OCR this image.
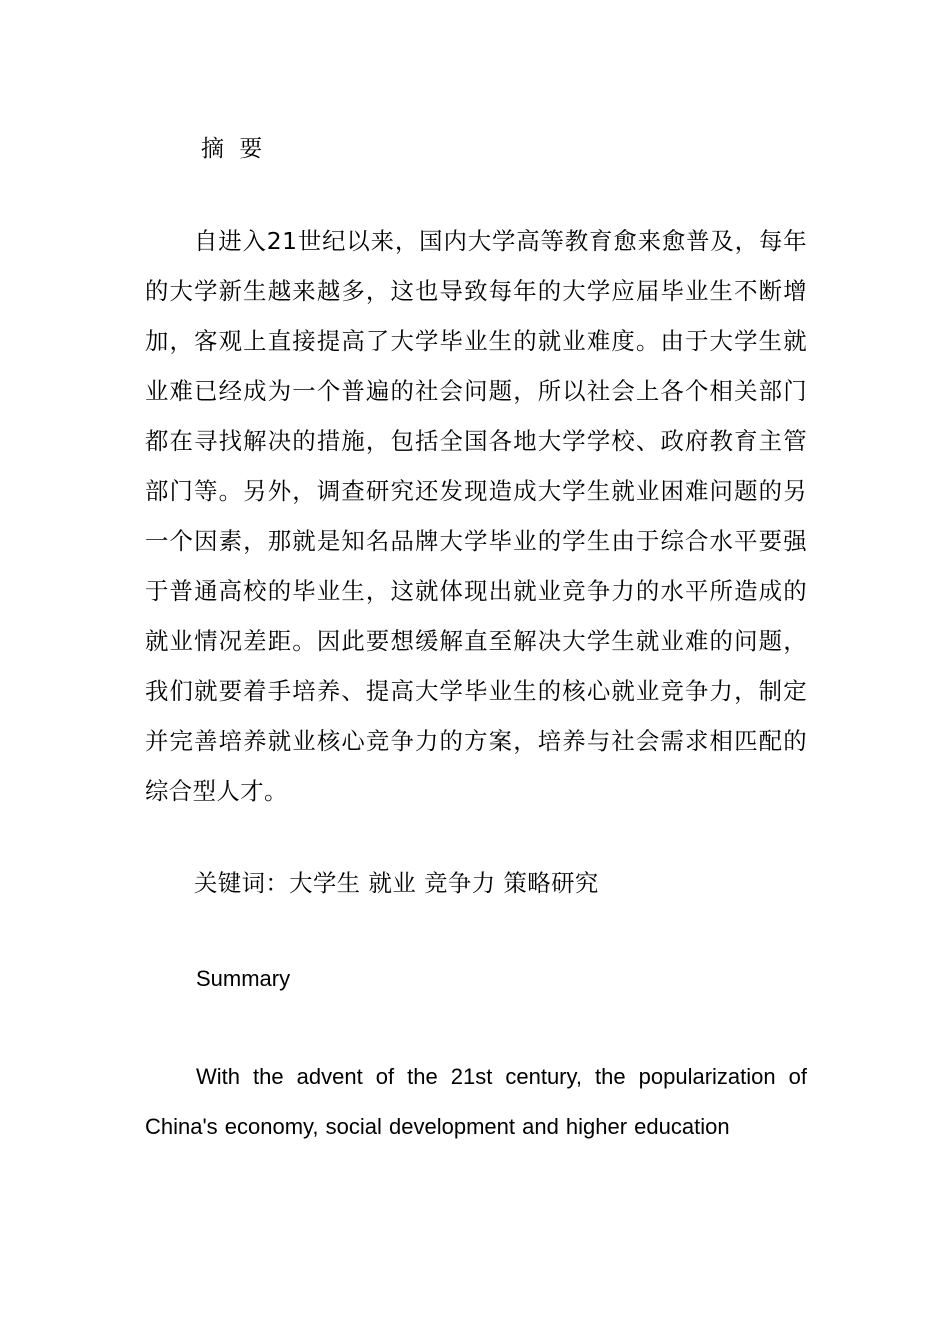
摘 要

自进入21世纪以来，国内大学高等教育愈来愈普及，每年的大学新生越来越多，这也导致每年的大学应届毕业生不断增加，客观上直接提高了大学毕业生的就业难度。由于大学生就业难已经成为一个普遍的社会问题，所以社会上各个相关部门都在寻找解决的措施，包括全国各地大学学校、政府教育主管部门等。另外，调查研究还发现造成大学生就业困难问题的另一个因素，那就是知名品牌大学毕业的学生由于综合水平要强于普通高校的毕业生，这就体现出就业竞争力的水平所造成的就业情况差距。因此要想缓解直至解决大学生就业难的问题，我们就要着手培养、提高大学毕业生的核心就业竞争力，制定并完善培养就业核心竞争力的方案，培养与社会需求相匹配的综合型人才。

关键词：大学生 就业 竞争力 策略研究

Summary

With the advent of the 21st century, the popularization of China's economy, social development and higher education
